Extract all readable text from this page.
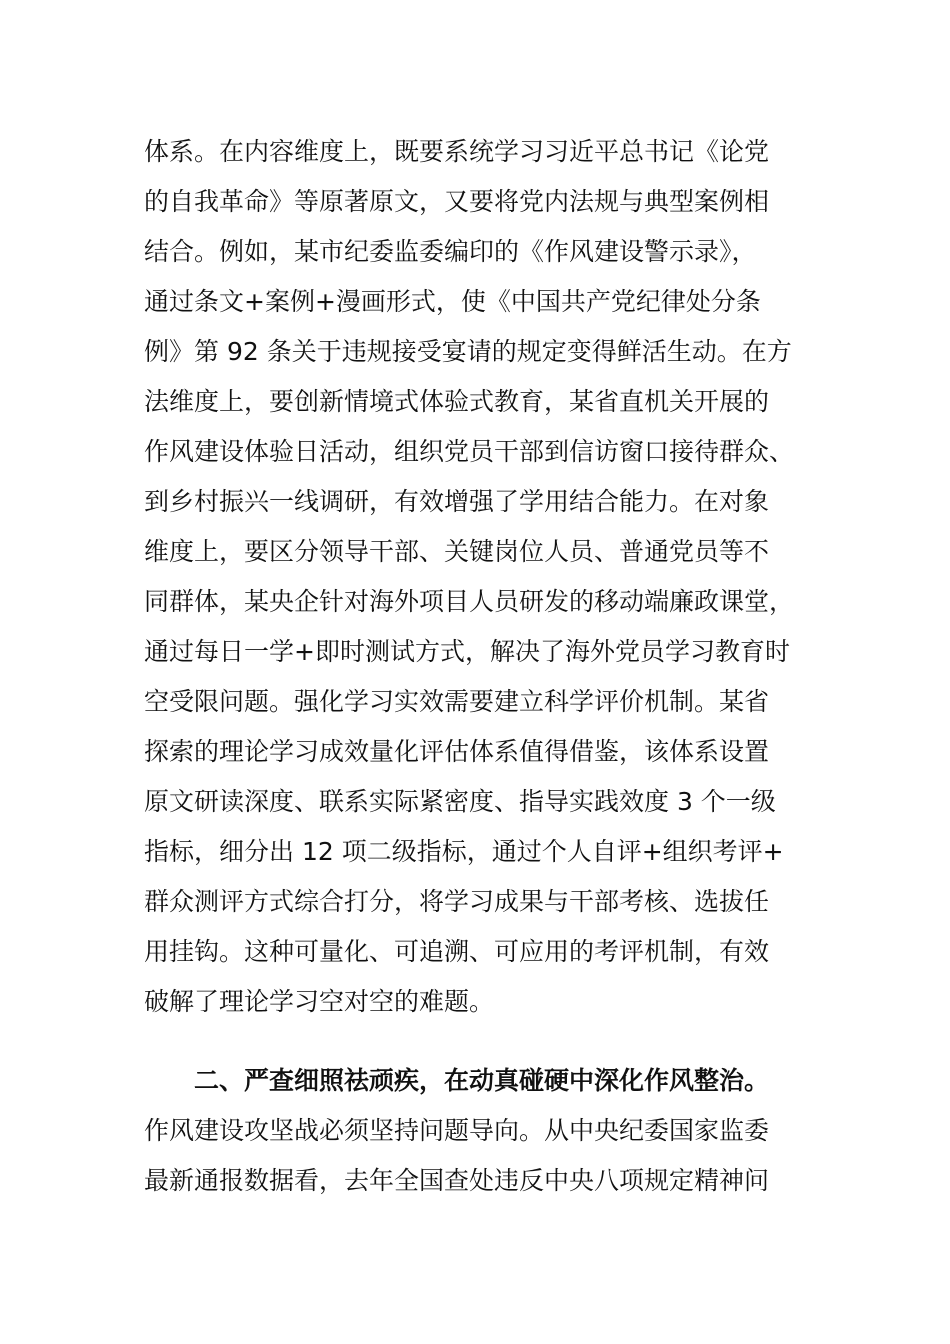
体系。在内容维度上，既要系统学习习近平总书记《论党
的自我革命》等原著原文，又要将党内法规与典型案例相
结合。例如，某市纪委监委编印的《作风建设警示录》，
通过条文+案例+漫画形式，使《中国共产党纪律处分条
例》第 92 条关于违规接受宴请的规定变得鲜活生动。在方
法维度上，要创新情境式体验式教育，某省直机关开展的
作风建设体验日活动，组织党员干部到信访窗口接待群众、
到乡村振兴一线调研，有效增强了学用结合能力。在对象
维度上，要区分领导干部、关键岗位人员、普通党员等不
同群体，某央企针对海外项目人员研发的移动端廉政课堂，
通过每日一学+即时测试方式，解决了海外党员学习教育时
空受限问题。强化学习实效需要建立科学评价机制。某省
探索的理论学习成效量化评估体系值得借鉴，该体系设置
原文研读深度、联系实际紧密度、指导实践效度 3 个一级
指标，细分出 12 项二级指标，通过个人自评+组织考评+
群众测评方式综合打分，将学习成果与干部考核、选拔任
用挂钩。这种可量化、可追溯、可应用的考评机制，有效
破解了理论学习空对空的难题。
二、严查细照祛顽疾，在动真碰硬中深化作风整治。
作风建设攻坚战必须坚持问题导向。从中央纪委国家监委
最新通报数据看，去年全国查处违反中央八项规定精神问
